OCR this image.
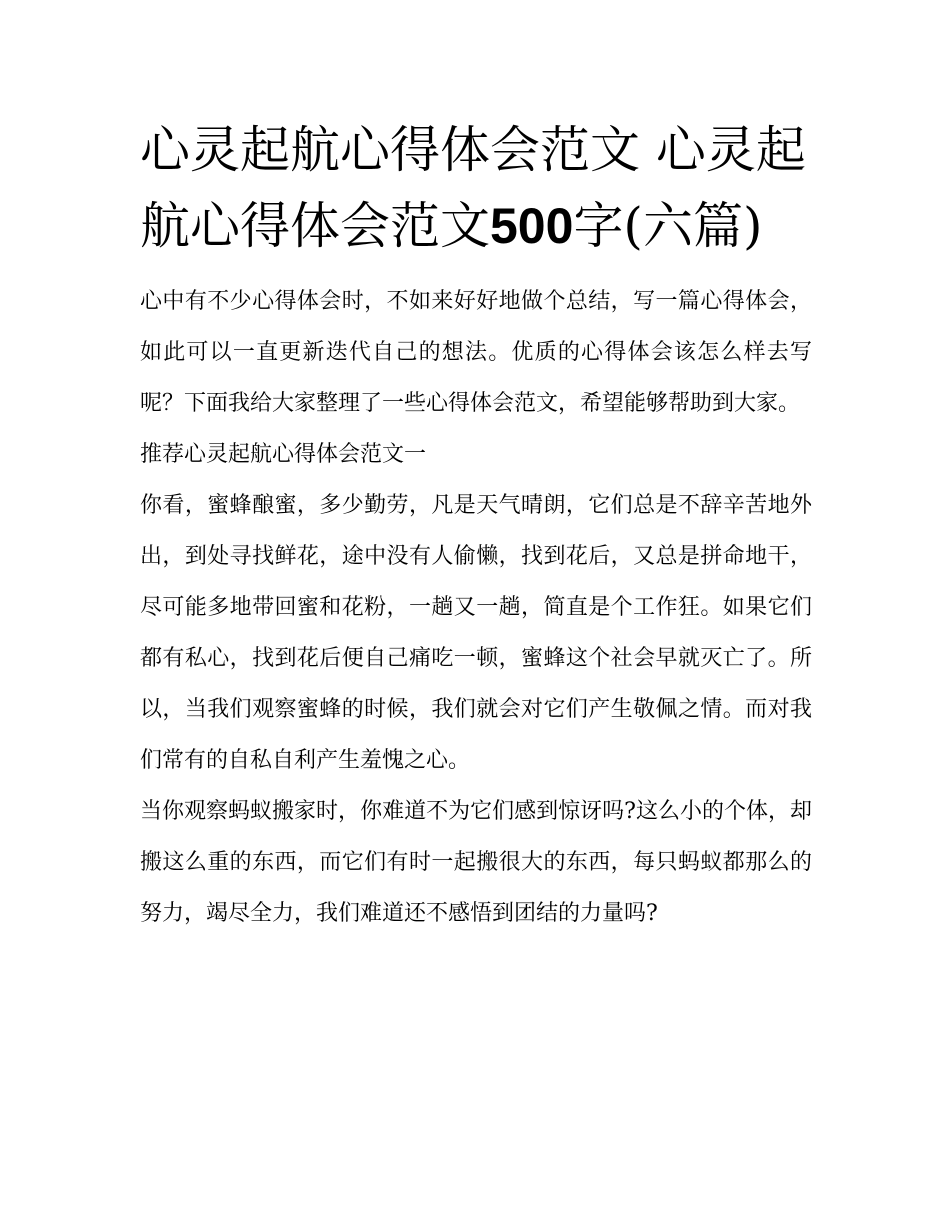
心灵起航心得体会范文 心灵起航心得体会范文500字(六篇)

心中有不少心得体会时，不如来好好地做个总结，写一篇心得体会，如此可以一直更新迭代自己的想法。优质的心得体会该怎么样去写呢？下面我给大家整理了一些心得体会范文，希望能够帮助到大家。

推荐心灵起航心得体会范文一

你看，蜜蜂酿蜜，多少勤劳，凡是天气晴朗，它们总是不辞辛苦地外出，到处寻找鲜花，途中没有人偷懒，找到花后，又总是拼命地干，尽可能多地带回蜜和花粉，一趟又一趟，简直是个工作狂。如果它们都有私心，找到花后便自己痛吃一顿，蜜蜂这个社会早就灭亡了。所以，当我们观察蜜蜂的时候，我们就会对它们产生敬佩之情。而对我们常有的自私自利产生羞愧之心。

当你观察蚂蚁搬家时，你难道不为它们感到惊讶吗?这么小的个体，却搬这么重的东西，而它们有时一起搬很大的东西，每只蚂蚁都那么的努力，竭尽全力，我们难道还不感悟到团结的力量吗?
